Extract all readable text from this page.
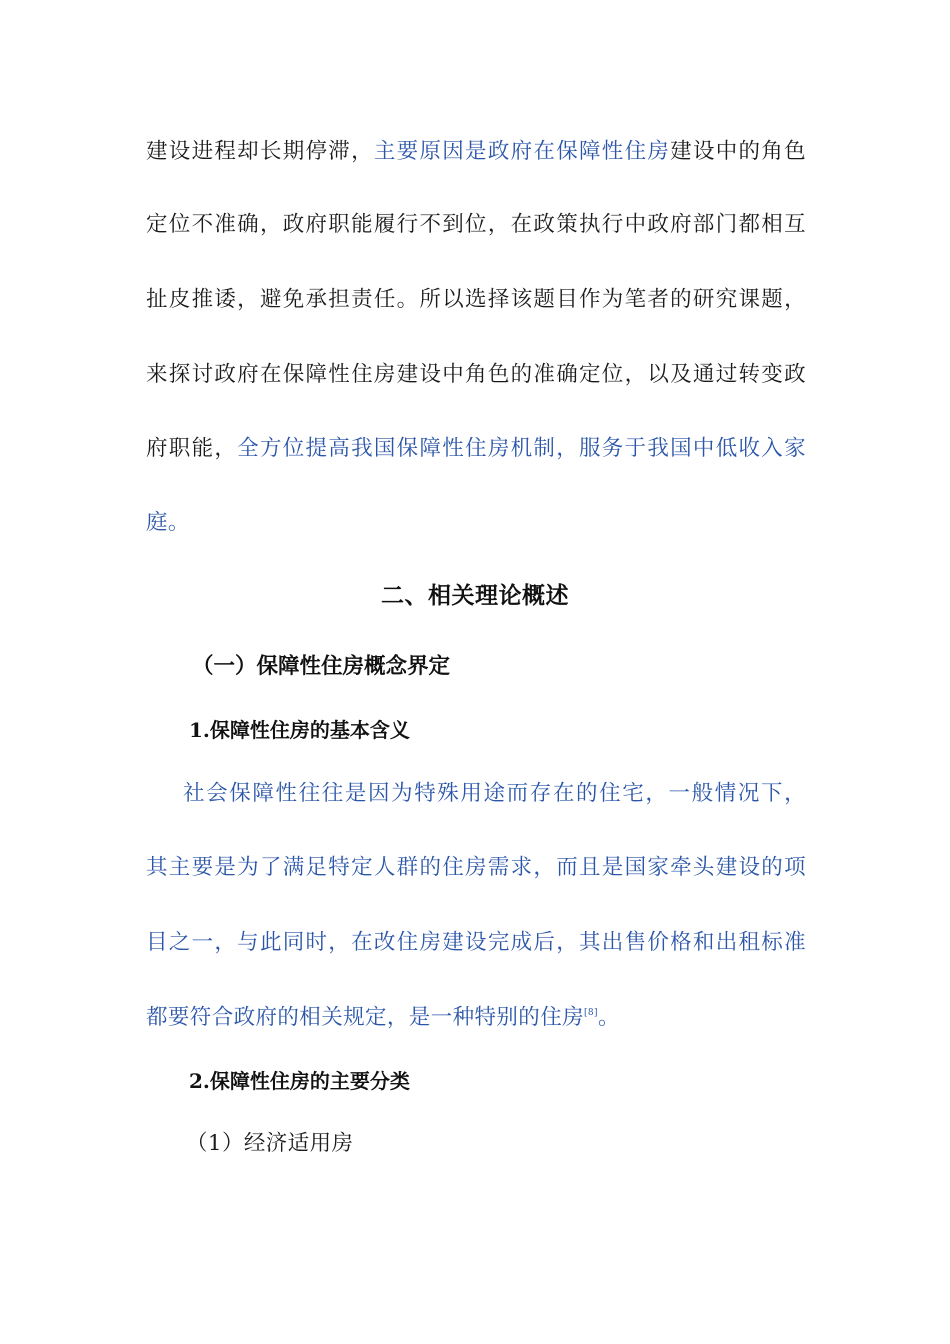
建设进程却长期停滞，主要原因是政府在保障性住房建设中的角色
定位不准确，政府职能履行不到位，在政策执行中政府部门都相互
扯皮推诿，避免承担责任。所以选择该题目作为笔者的研究课题，
来探讨政府在保障性住房建设中角色的准确定位，以及通过转变政
府职能，全方位提高我国保障性住房机制，服务于我国中低收入家
庭。
二、相关理论概述
（一）保障性住房概念界定
1.保障性住房的基本含义
社会保障性往往是因为特殊用途而存在的住宅，一般情况下，
其主要是为了满足特定人群的住房需求，而且是国家牵头建设的项
目之一，与此同时，在改住房建设完成后，其出售价格和出租标准
都要符合政府的相关规定，是一种特别的住房[8]。
2.保障性住房的主要分类
（1）经济适用房
